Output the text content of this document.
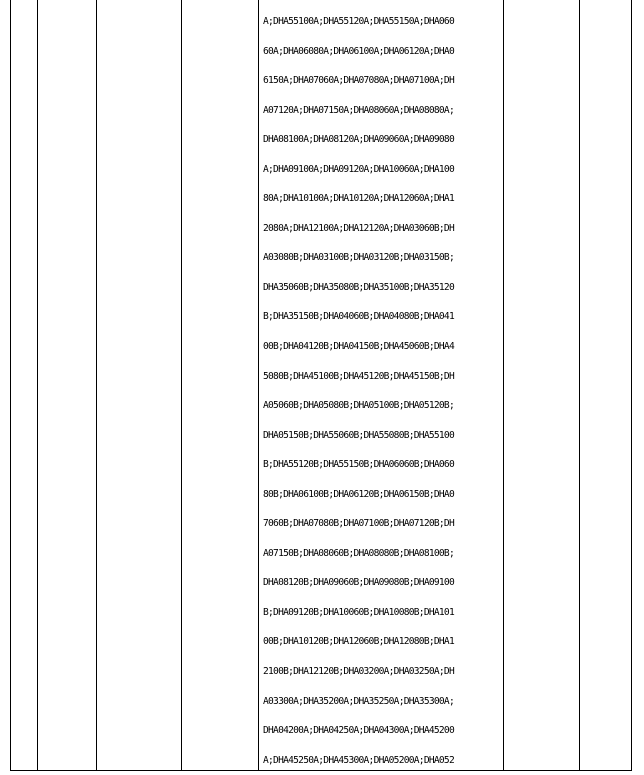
A;DHA55100A;DHA55120A;DHA55150A;DHA060
60A;DHA06080A;DHA06100A;DHA06120A;DHA0
6150A;DHA07060A;DHA07080A;DHA07100A;DH
A07120A;DHA07150A;DHA08060A;DHA08080A;
DHA08100A;DHA08120A;DHA09060A;DHA09080
A;DHA09100A;DHA09120A;DHA10060A;DHA100
80A;DHA10100A;DHA10120A;DHA12060A;DHA1
2080A;DHA12100A;DHA12120A;DHA03060B;DH
A03080B;DHA03100B;DHA03120B;DHA03150B;
DHA35060B;DHA35080B;DHA35100B;DHA35120
B;DHA35150B;DHA04060B;DHA04080B;DHA041
00B;DHA04120B;DHA04150B;DHA45060B;DHA4
5080B;DHA45100B;DHA45120B;DHA45150B;DH
A05060B;DHA05080B;DHA05100B;DHA05120B;
DHA05150B;DHA55060B;DHA55080B;DHA55100
B;DHA55120B;DHA55150B;DHA06060B;DHA060
80B;DHA06100B;DHA06120B;DHA06150B;DHA0
7060B;DHA07080B;DHA07100B;DHA07120B;DH
A07150B;DHA08060B;DHA08080B;DHA08100B;
DHA08120B;DHA09060B;DHA09080B;DHA09100
B;DHA09120B;DHA10060B;DHA10080B;DHA101
00B;DHA10120B;DHA12060B;DHA12080B;DHA1
2100B;DHA12120B;DHA03200A;DHA03250A;DH
A03300A;DHA35200A;DHA35250A;DHA35300A;
DHA04200A;DHA04250A;DHA04300A;DHA45200
A;DHA45250A;DHA45300A;DHA05200A;DHA052
